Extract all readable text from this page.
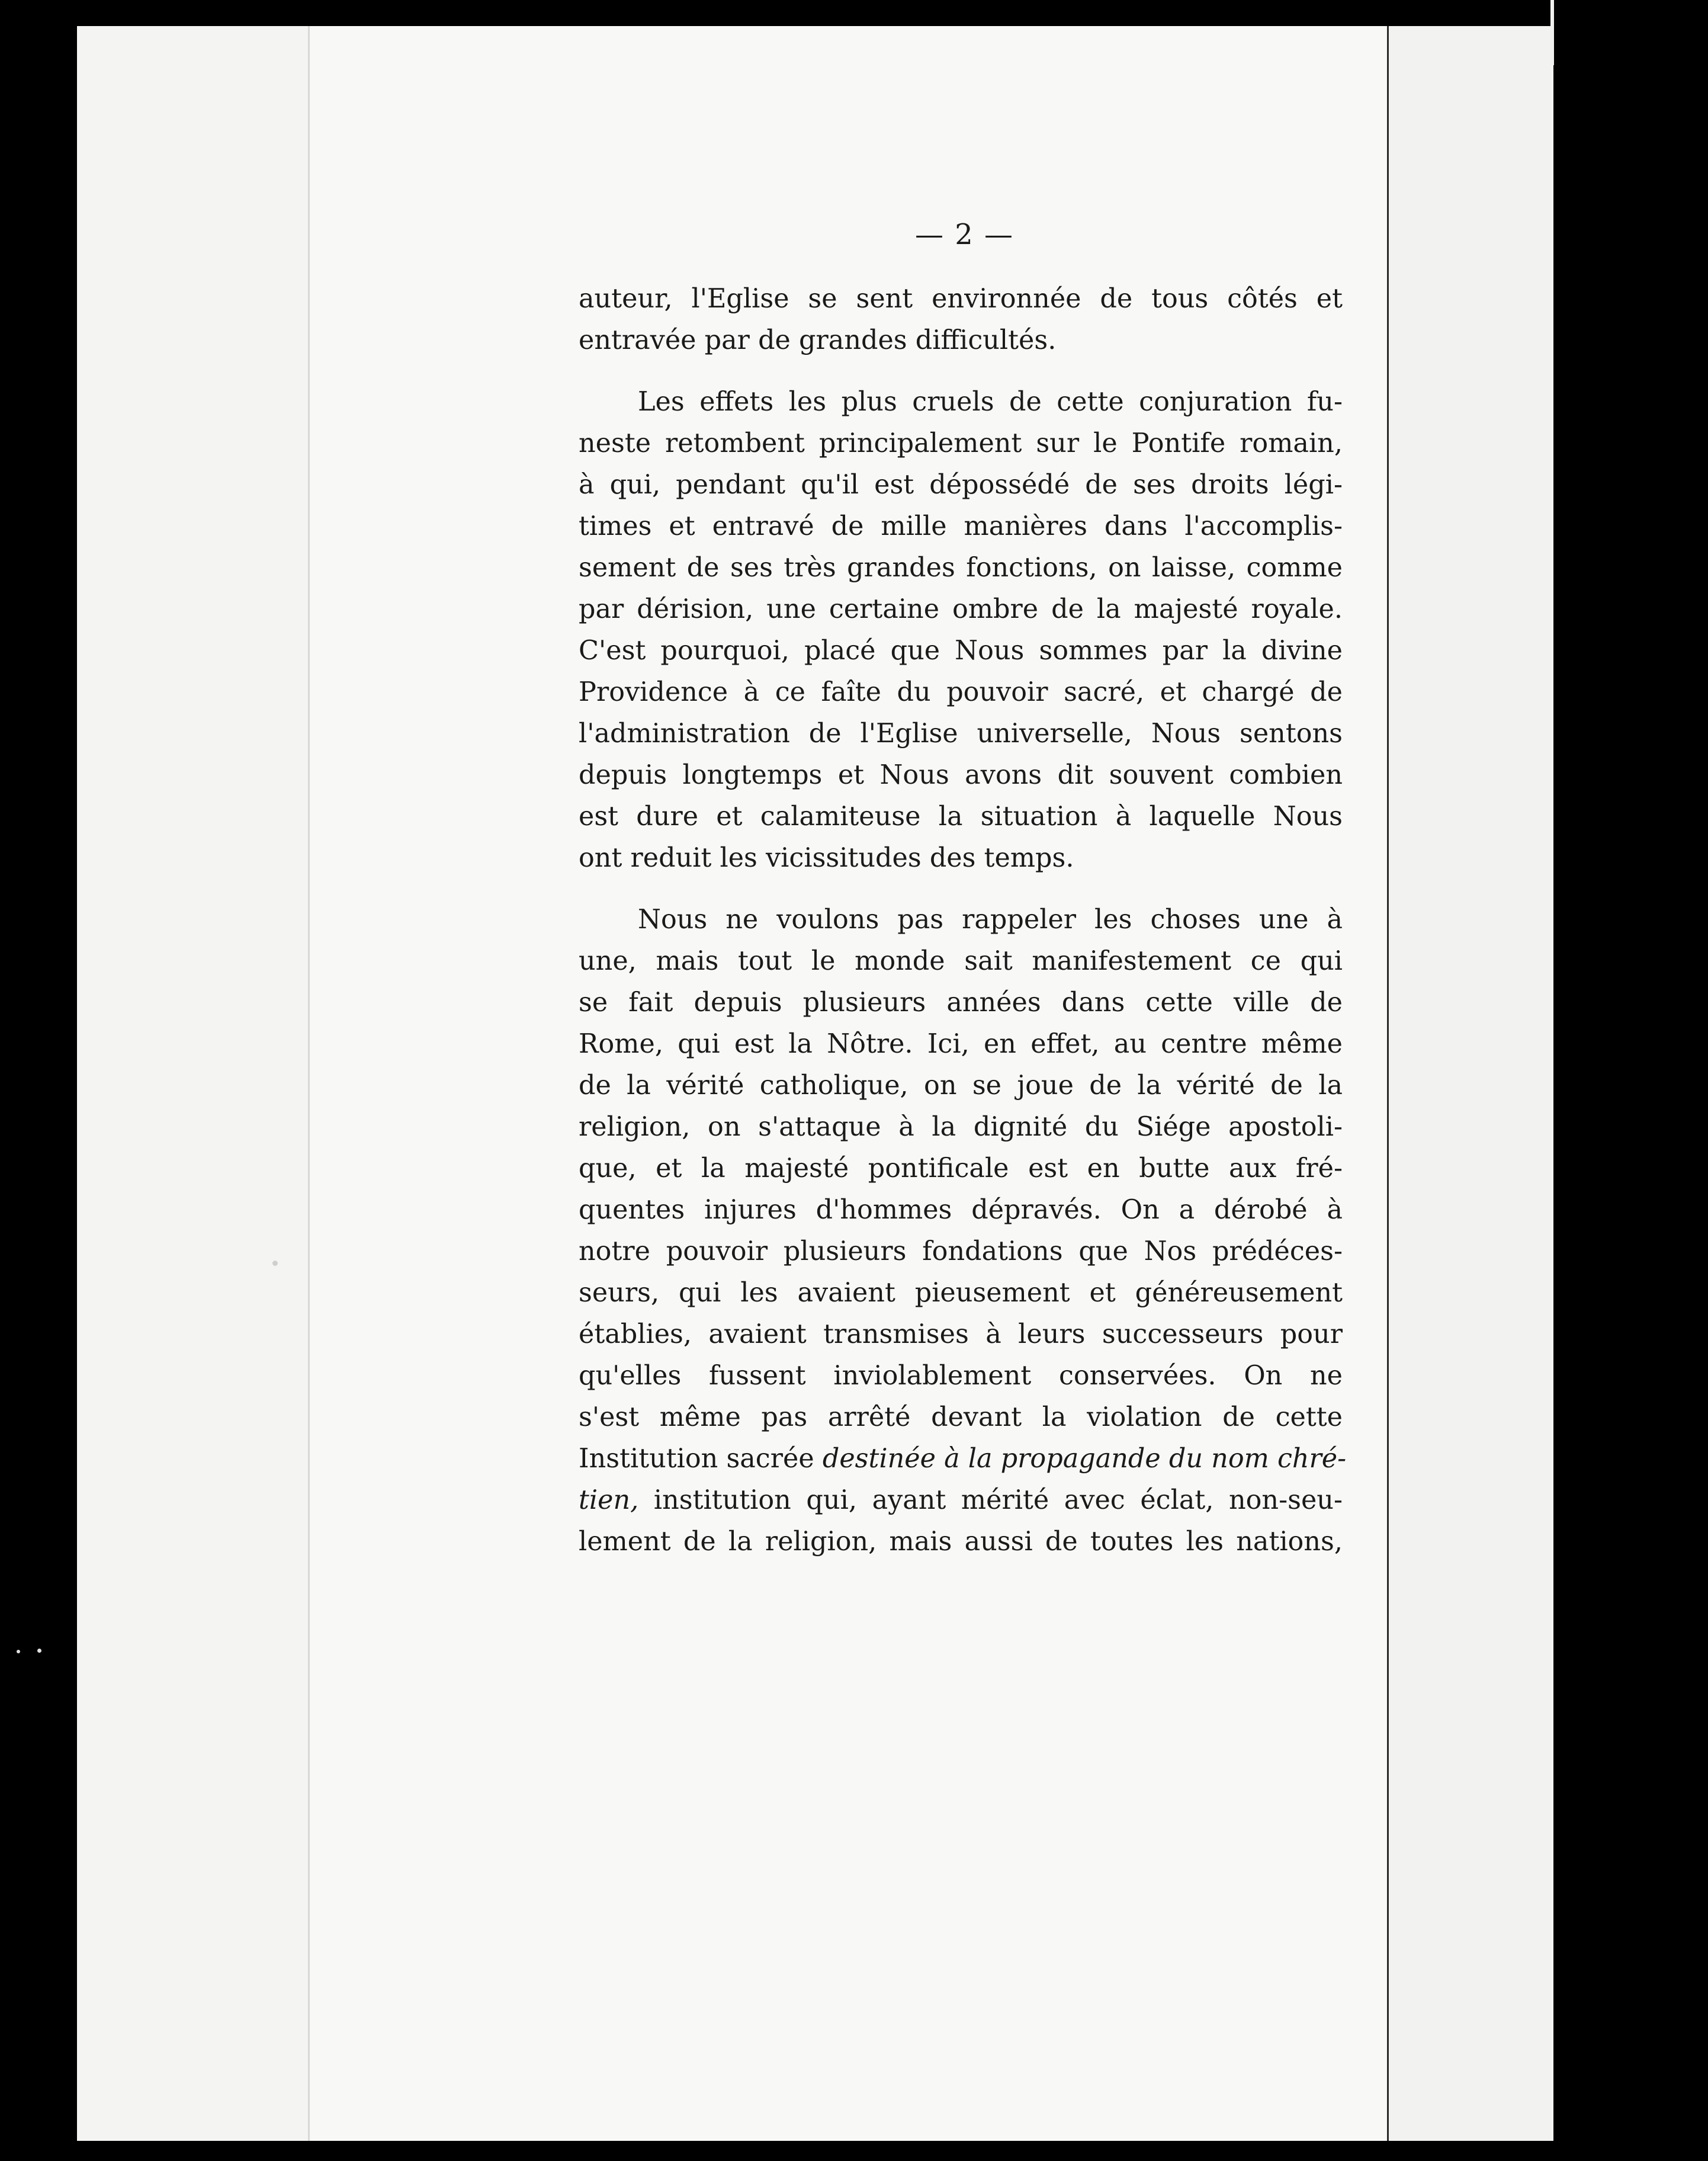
— 2 —

auteur, l'Eglise se sent environnée de tous côtés et
entravée par de grandes difficultés.

Les effets les plus cruels de cette conjuration fu-
neste retombent principalement sur le Pontife romain,
à qui, pendant qu'il est dépossédé de ses droits légi-
times et entravé de mille manières dans l'accomplis-
sement de ses très grandes fonctions, on laisse, comme
par dérision, une certaine ombre de la majesté royale.
C'est pourquoi, placé que Nous sommes par la divine
Providence à ce faîte du pouvoir sacré, et chargé de
l'administration de l'Eglise universelle, Nous sentons
depuis longtemps et Nous avons dit souvent combien
est dure et calamiteuse la situation à laquelle Nous
ont reduit les vicissitudes des temps.

Nous ne voulons pas rappeler les choses une à
une, mais tout le monde sait manifestement ce qui
se fait depuis plusieurs années dans cette ville de
Rome, qui est la Nôtre. Ici, en effet, au centre même
de la vérité catholique, on se joue de la vérité de la
religion, on s'attaque à la dignité du Siége apostoli-
que, et la majesté pontificale est en butte aux fré-
quentes injures d'hommes dépravés. On a dérobé à
notre pouvoir plusieurs fondations que Nos prédéces-
seurs, qui les avaient pieusement et généreusement
établies, avaient transmises à leurs successeurs pour
qu'elles fussent inviolablement conservées. On ne
s'est même pas arrêté devant la violation de cette
Institution sacrée destinée à la propagande du nom chré-
tien, institution qui, ayant mérité avec éclat, non-seu-
lement de la religion, mais aussi de toutes les nations,
